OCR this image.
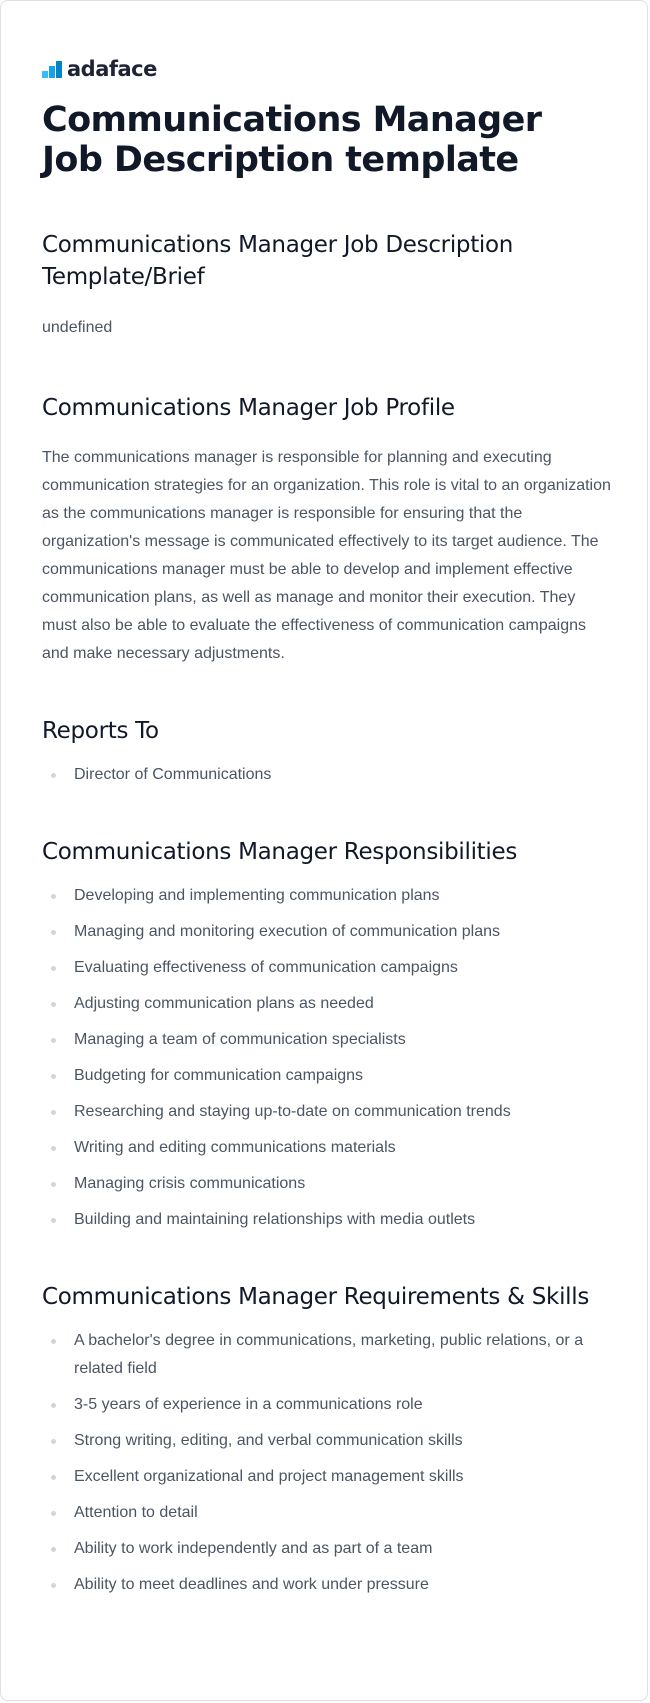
adaface
Communications Manager Job Description template
Communications Manager Job Description Template/Brief

undefined

Communications Manager Job Profile

The communications manager is responsible for planning and executing communication strategies for an organization. This role is vital to an organization as the communications manager is responsible for ensuring that the organization's message is communicated effectively to its target audience. The communications manager must be able to develop and implement effective communication plans, as well as manage and monitor their execution. They must also be able to evaluate the effectiveness of communication campaigns and make necessary adjustments.

Reports To
Director of Communications
Communications Manager Responsibilities
Developing and implementing communication plans
Managing and monitoring execution of communication plans
Evaluating effectiveness of communication campaigns
Adjusting communication plans as needed
Managing a team of communication specialists
Budgeting for communication campaigns
Researching and staying up-to-date on communication trends
Writing and editing communications materials
Managing crisis communications
Building and maintaining relationships with media outlets
Communications Manager Requirements & Skills
A bachelor's degree in communications, marketing, public relations, or a related field
3-5 years of experience in a communications role
Strong writing, editing, and verbal communication skills
Excellent organizational and project management skills
Attention to detail
Ability to work independently and as part of a team
Ability to meet deadlines and work under pressure
